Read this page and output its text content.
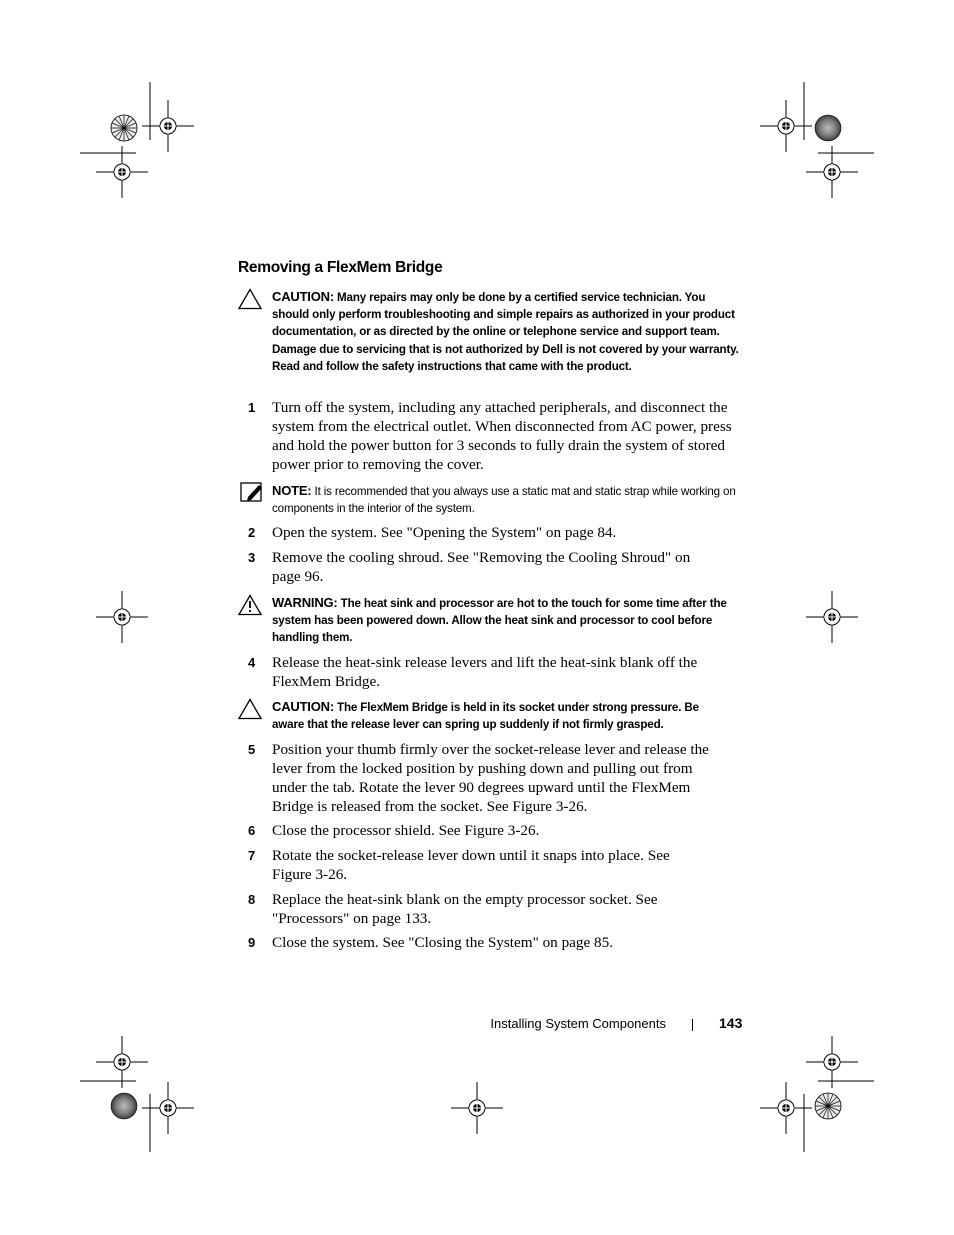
Removing a FlexMem Bridge
CAUTION: Many repairs may only be done by a certified service technician. You should only perform troubleshooting and simple repairs as authorized in your product documentation, or as directed by the online or telephone service and support team. Damage due to servicing that is not authorized by Dell is not covered by your warranty. Read and follow the safety instructions that came with the product.
1	Turn off the system, including any attached peripherals, and disconnect the system from the electrical outlet. When disconnected from AC power, press and hold the power button for 3 seconds to fully drain the system of stored power prior to removing the cover.
NOTE: It is recommended that you always use a static mat and static strap while working on components in the interior of the system.
2	Open the system. See "Opening the System" on page 84.
3	Remove the cooling shroud. See "Removing the Cooling Shroud" on page 96.
WARNING: The heat sink and processor are hot to the touch for some time after the system has been powered down. Allow the heat sink and processor to cool before handling them.
4	Release the heat-sink release levers and lift the heat-sink blank off the FlexMem Bridge.
CAUTION: The FlexMem Bridge is held in its socket under strong pressure. Be aware that the release lever can spring up suddenly if not firmly grasped.
5	Position your thumb firmly over the socket-release lever and release the lever from the locked position by pushing down and pulling out from under the tab. Rotate the lever 90 degrees upward until the FlexMem Bridge is released from the socket. See Figure 3-26.
6	Close the processor shield. See Figure 3-26.
7	Rotate the socket-release lever down until it snaps into place. See Figure 3-26.
8	Replace the heat-sink blank on the empty processor socket. See "Processors" on page 133.
9	Close the system. See "Closing the System" on page 85.
Installing System Components	143
